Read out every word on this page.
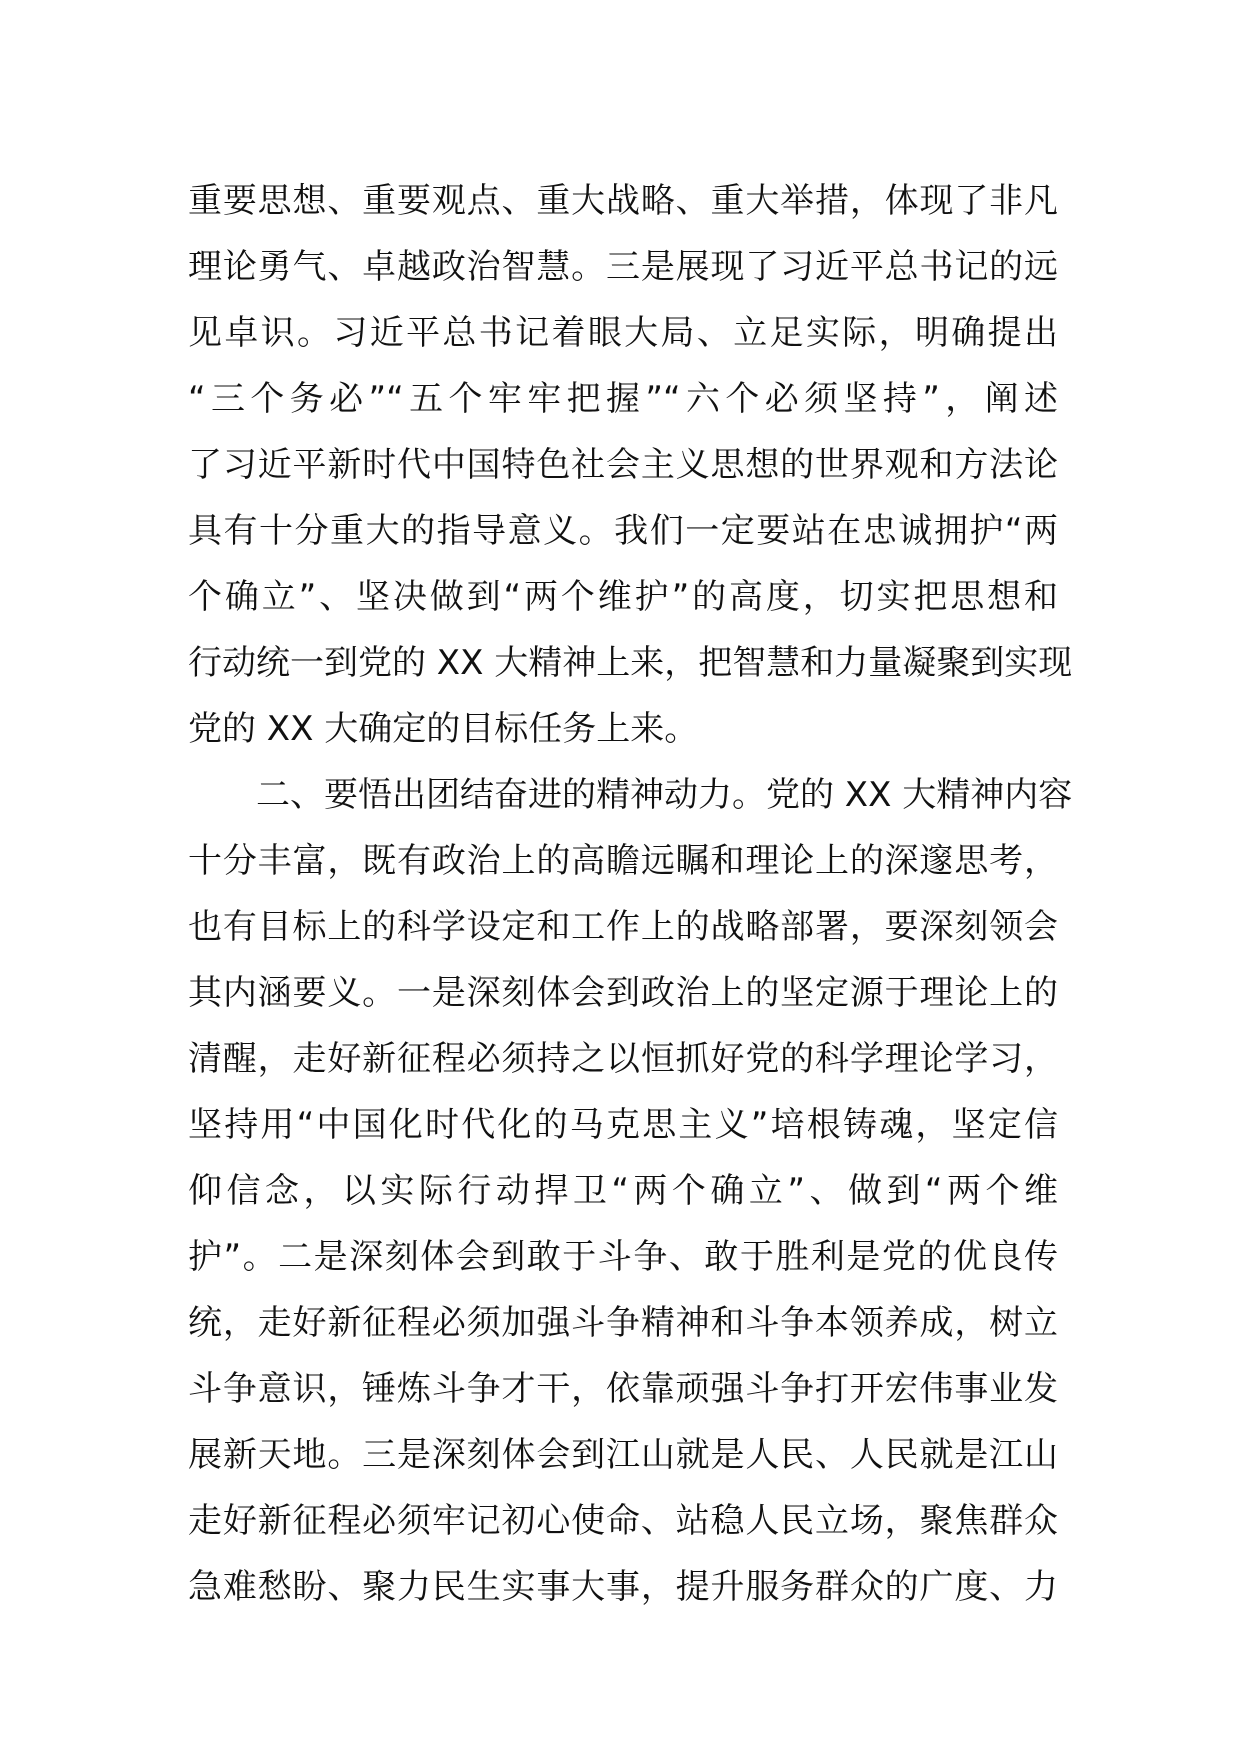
重要思想、重要观点、重大战略、重大举措，体现了非凡
理论勇气、卓越政治智慧。三是展现了习近平总书记的远
见卓识。习近平总书记着眼大局、立足实际，明确提出
“三个务必”“五个牢牢把握”“六个必须坚持”，阐述
了习近平新时代中国特色社会主义思想的世界观和方法论
具有十分重大的指导意义。我们一定要站在忠诚拥护“两
个确立”、坚决做到“两个维护”的高度，切实把思想和
行动统一到党的 XX 大精神上来，把智慧和力量凝聚到实现
党的 XX 大确定的目标任务上来。
二、要悟出团结奋进的精神动力。党的 XX 大精神内容
十分丰富，既有政治上的高瞻远瞩和理论上的深邃思考，
也有目标上的科学设定和工作上的战略部署，要深刻领会
其内涵要义。一是深刻体会到政治上的坚定源于理论上的
清醒，走好新征程必须持之以恒抓好党的科学理论学习，
坚持用“中国化时代化的马克思主义”培根铸魂，坚定信
仰信念，以实际行动捍卫“两个确立”、做到“两个维
护”。二是深刻体会到敢于斗争、敢于胜利是党的优良传
统，走好新征程必须加强斗争精神和斗争本领养成，树立
斗争意识，锤炼斗争才干，依靠顽强斗争打开宏伟事业发
展新天地。三是深刻体会到江山就是人民、人民就是江山
走好新征程必须牢记初心使命、站稳人民立场，聚焦群众
急难愁盼、聚力民生实事大事，提升服务群众的广度、力
